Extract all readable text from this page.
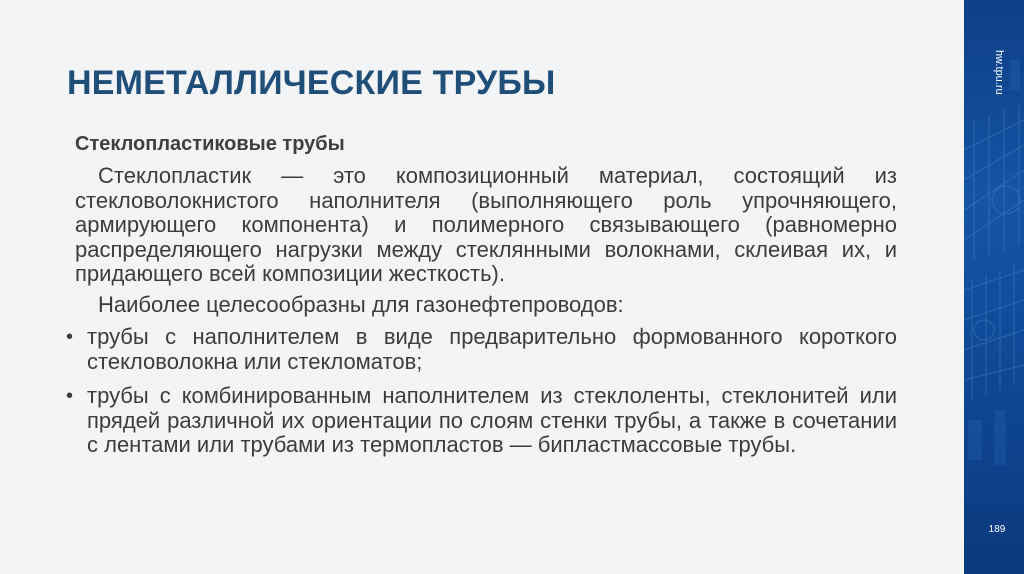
НЕМЕТАЛЛИЧЕСКИЕ ТРУБЫ
Стеклопластиковые трубы

Стеклопластик — это композиционный материал, состоящий из стекловолокнистого наполнителя (выполняющего роль упрочняющего, армирующего компонента) и полимерного связывающего (равномерно распределяющего нагрузки между стеклянными волокнами, склеивая их, и придающего всей композиции жесткость).

Наиболее целесообразны для газонефтепроводов:

• трубы с наполнителем в виде предварительно формованного короткого стекловолокна или стекломатов;
• трубы с комбинированным наполнителем из стеклоленты, стеклонитей или прядей различной их ориентации по слоям стенки трубы, а также в сочетании с лентами или трубами из термопластов — бипластмассовые трубы.
hw.tpu.ru
189
